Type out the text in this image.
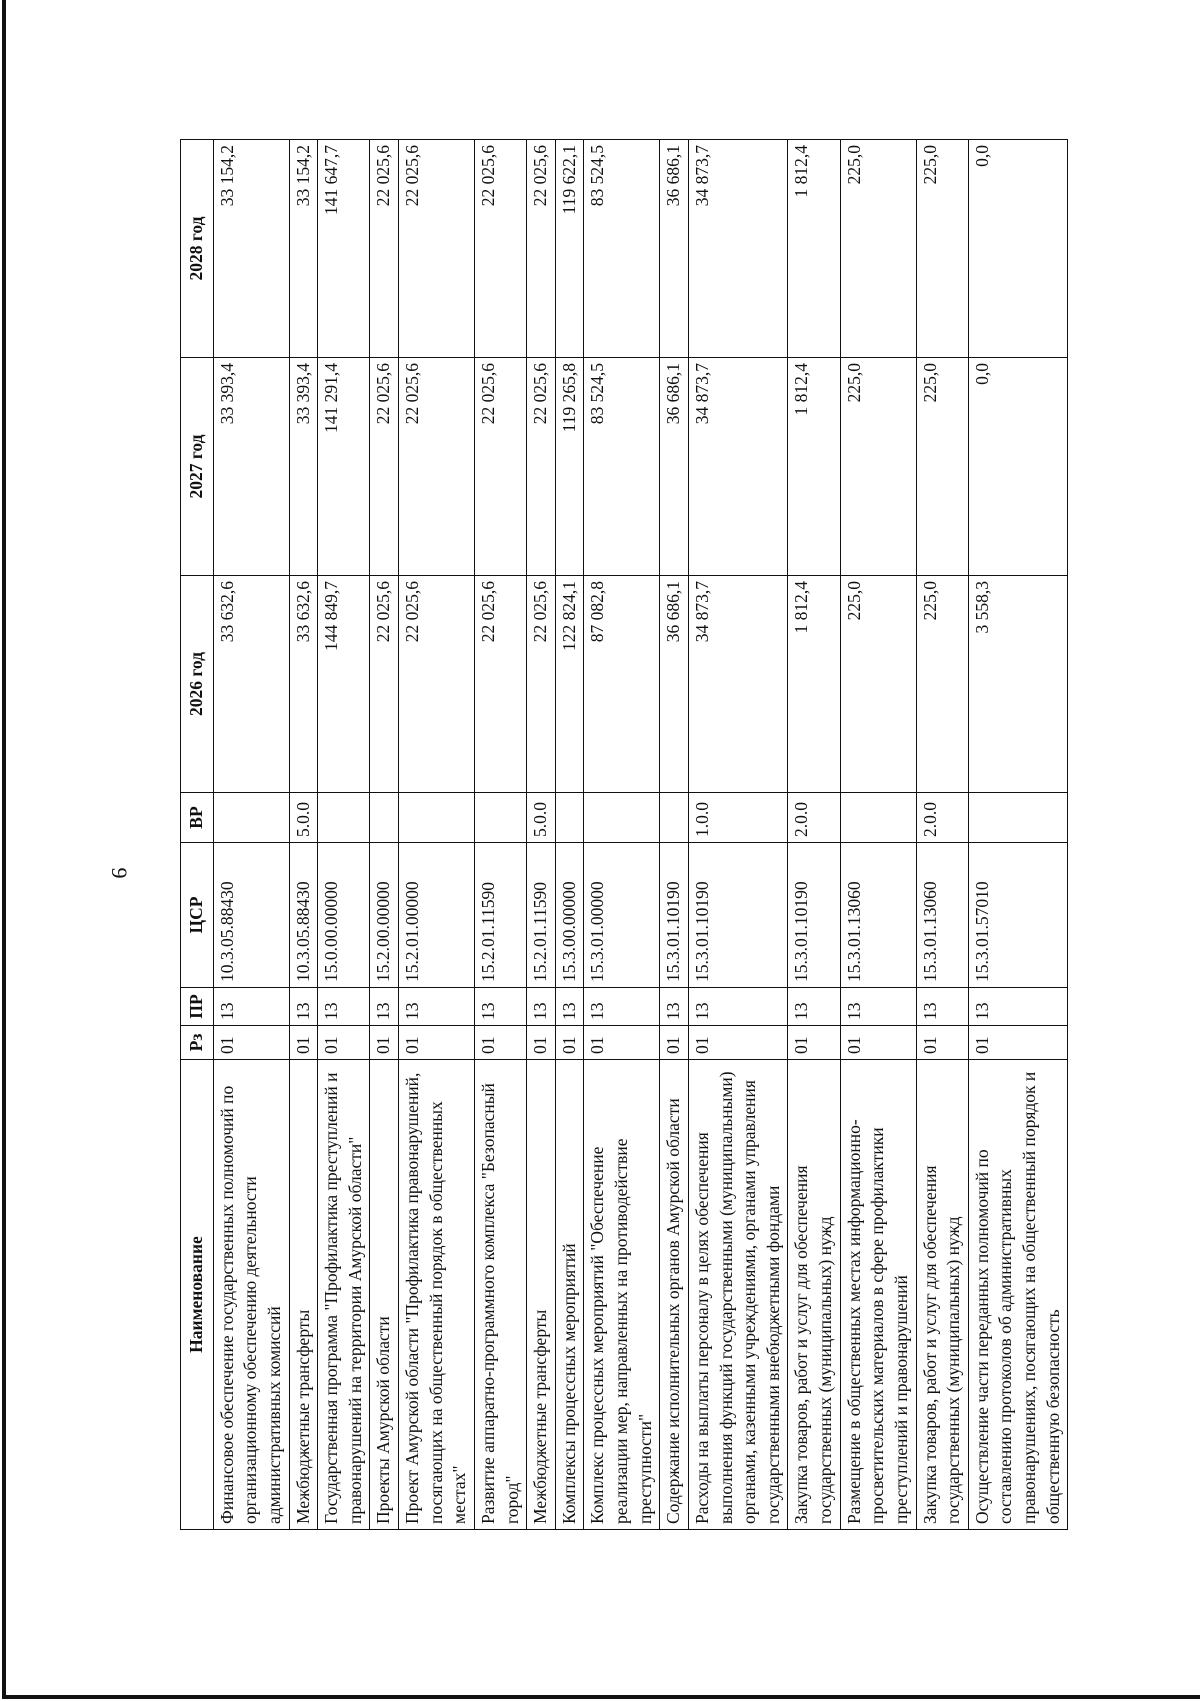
9
Наименование	Рз	ПР	ЦСР	ВР	2026 год	2027 год	2028 год
Финансовое обеспечение государственных полномочий по организационному обеспечению деятельности административных комиссий	01	13	10.3.05.88430		33 632,6	33 393,4	33 154,2
Межбюджетные трансферты	01	13	10.3.05.88430	5.0.0	33 632,6	33 393,4	33 154,2
Государственная программа "Профилактика преступлений и правонарушений на территории Амурской области"	01	13	15.0.00.00000		144 849,7	141 291,4	141 647,7
Проекты Амурской области	01	13	15.2.00.00000		22 025,6	22 025,6	22 025,6
Проект Амурской области "Профилактика правонарушений, посягающих на общественный порядок в общественных местах"	01	13	15.2.01.00000		22 025,6	22 025,6	22 025,6
Развитие аппаратно-программного комплекса "Безопасный город"	01	13	15.2.01.11590		22 025,6	22 025,6	22 025,6
Межбюджетные трансферты	01	13	15.2.01.11590	5.0.0	22 025,6	22 025,6	22 025,6
Комплексы процессных мероприятий	01	13	15.3.00.00000		122 824,1	119 265,8	119 622,1
Комплекс процессных мероприятий "Обеспечение реализации мер, направленных на противодействие преступности"	01	13	15.3.01.00000		87 082,8	83 524,5	83 524,5
Содержание исполнительных органов Амурской области	01	13	15.3.01.10190		36 686,1	36 686,1	36 686,1
Расходы на выплаты персоналу в целях обеспечения выполнения функций государственными (муниципальными) органами, казенными учреждениями, органами управления государственными внебюджетными фондами	01	13	15.3.01.10190	1.0.0	34 873,7	34 873,7	34 873,7
Закупка товаров, работ и услуг для обеспечения государственных (муниципальных) нужд	01	13	15.3.01.10190	2.0.0	1 812,4	1 812,4	1 812,4
Размещение в общественных местах информационно-просветительских материалов в сфере профилактики преступлений и правонарушений	01	13	15.3.01.13060		225,0	225,0	225,0
Закупка товаров, работ и услуг для обеспечения государственных (муниципальных) нужд	01	13	15.3.01.13060	2.0.0	225,0	225,0	225,0
Осуществление части переданных полномочий по составлению протоколов об административных правонарушениях, посягающих на общественный порядок и общественную безопасность	01	13	15.3.01.57010		3 558,3	0,0	0,0
